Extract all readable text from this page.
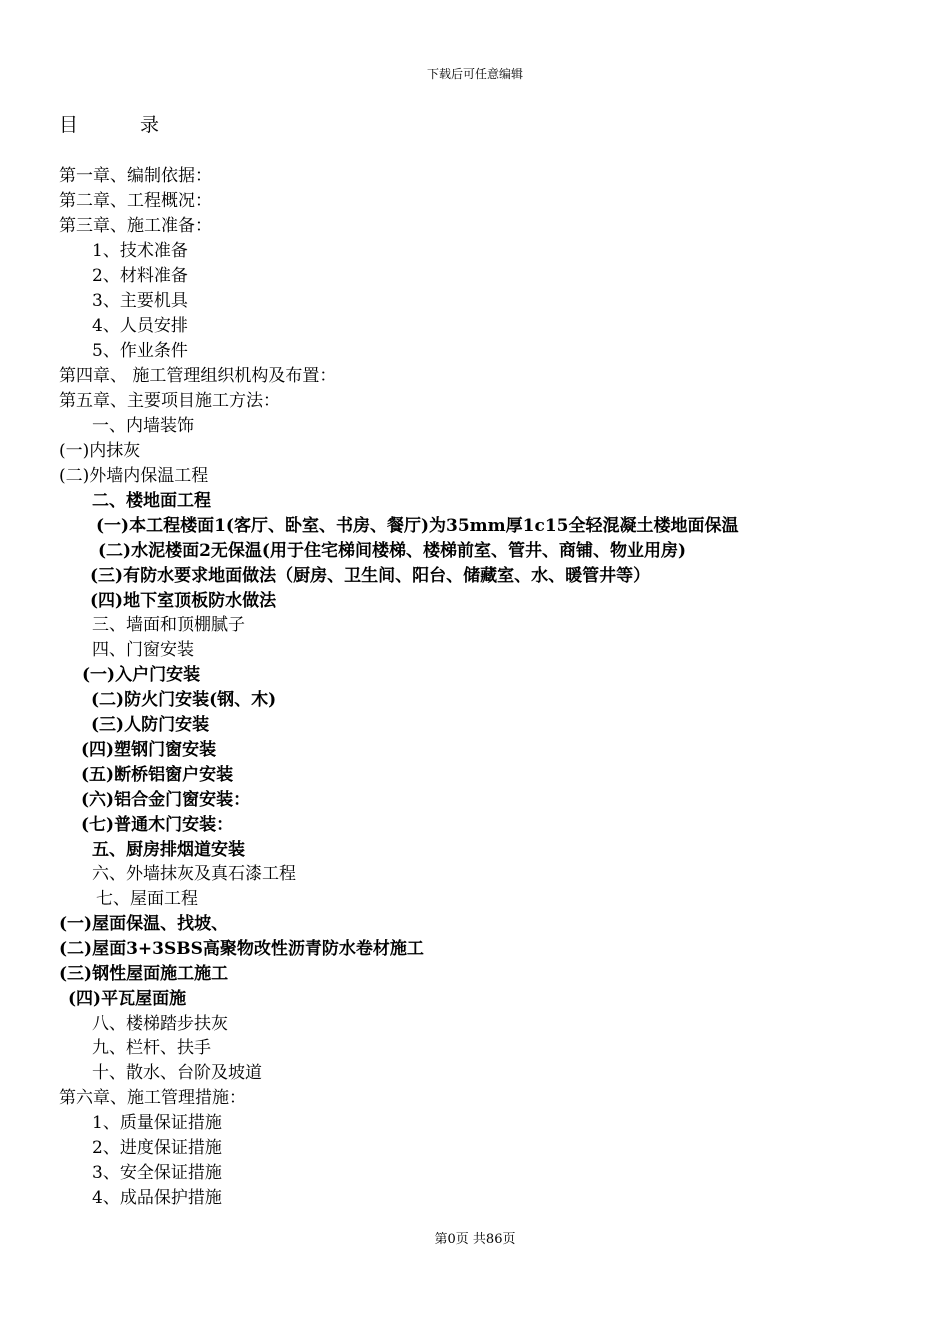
下载后可任意编辑
目	录
第一章、编制依据：
第二章、工程概况：
第三章、施工准备：
1、技术准备
2、材料准备
3、主要机具
4、人员安排
5、作业条件
第四章、 施工管理组织机构及布置：
第五章、主要项目施工方法：
一、内墙装饰
(一)内抹灰
(二)外墙内保温工程
二、楼地面工程
(一)本工程楼面1(客厅、卧室、书房、餐厅)为35mm厚1c15全轻混凝土楼地面保温
(二)水泥楼面2无保温(用于住宅梯间楼梯、楼梯前室、管井、商铺、物业用房)
(三)有防水要求地面做法（厨房、卫生间、阳台、储藏室、水、暖管井等）
(四)地下室顶板防水做法
三、墙面和顶棚腻子
四、门窗安装
(一)入户门安装
(二)防火门安装(钢、木)
(三)人防门安装
(四)塑钢门窗安装
(五)断桥铝窗户安装
(六)铝合金门窗安装：
(七)普通木门安装：
五、厨房排烟道安装
六、外墙抹灰及真石漆工程
七、屋面工程
(一)屋面保温、找坡、
(二)屋面3+3SBS高聚物改性沥青防水卷材施工
(三)钢性屋面施工施工
(四)平瓦屋面施
八、楼梯踏步扶灰
九、栏杆、扶手
十、散水、台阶及坡道
第六章、施工管理措施：
1、质量保证措施
2、进度保证措施
3、安全保证措施
4、成品保护措施
第0页 共86页
